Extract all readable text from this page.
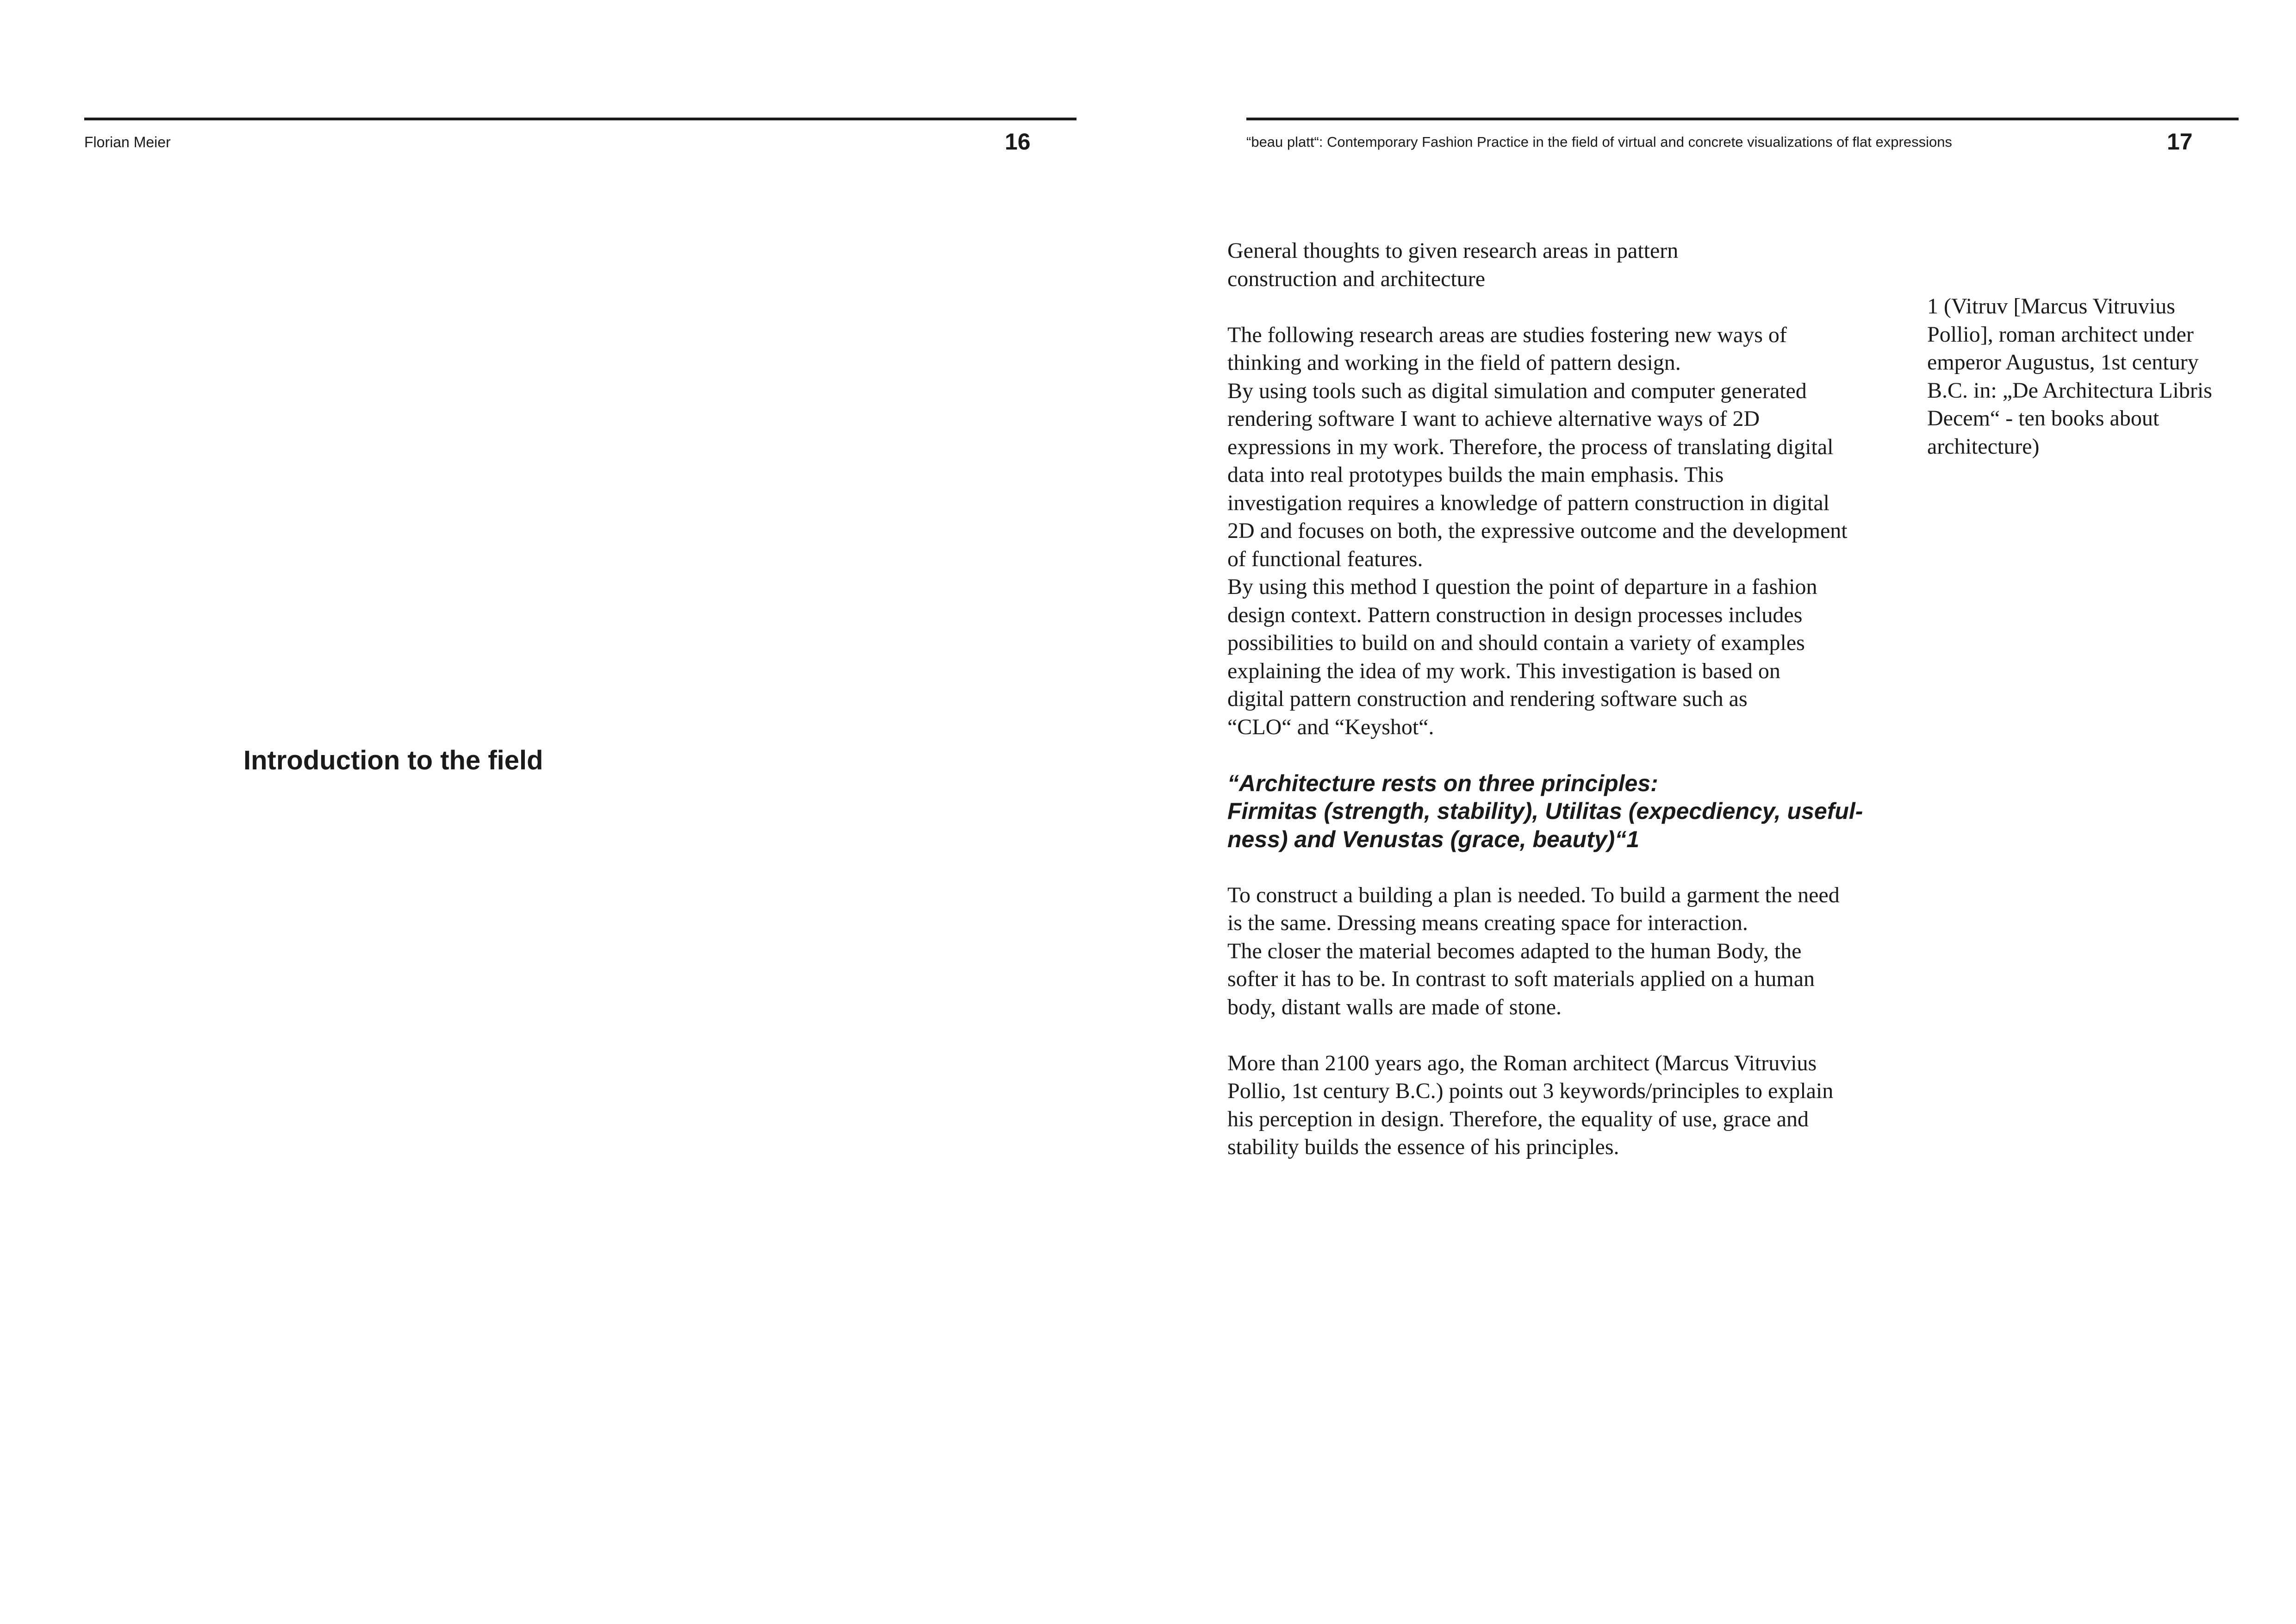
Florian Meier	16
Introduction to the field
“beau platt“: Contemporary Fashion Practice in the field of virtual and concrete visualizations of flat expressions	17
General thoughts to given research areas in pattern
construction and architecture
The following research areas are studies fostering new ways of
thinking and working in the field of pattern design.
By using tools such as digital simulation and computer generated
rendering software I want to achieve alternative ways of 2D
expressions in my work. Therefore, the process of translating digital
data into real prototypes builds the main emphasis. This
investigation requires a knowledge of pattern construction in digital
2D and focuses on both, the expressive outcome and the development
of functional features.
By using this method I question the point of departure in a fashion
design context. Pattern construction in design processes includes
possibilities to build on and should contain a variety of examples
explaining the idea of my work. This investigation is based on
digital pattern construction and rendering software such as
“CLO“ and “Keyshot“.
“Architecture rests on three principles:
Firmitas (strength, stability), Utilitas (expecdiency, useful-
ness) and Venustas (grace, beauty)“1
To construct a building a plan is needed. To build a garment the need
is the same. Dressing means creating space for interaction.
The closer the material becomes adapted to the human Body, the
softer it has to be. In contrast to soft materials applied on a human
body, distant walls are made of stone.
More than 2100 years ago, the Roman architect (Marcus Vitruvius
Pollio, 1st century B.C.) points out 3 keywords/principles to explain
his perception in design. Therefore, the equality of use, grace and
stability builds the essence of his principles.
1 (Vitruv [Marcus Vitruvius
Pollio], roman architect under
emperor Augustus, 1st century
B.C. in: „De Architectura Libris
Decem“ - ten books about
architecture)
